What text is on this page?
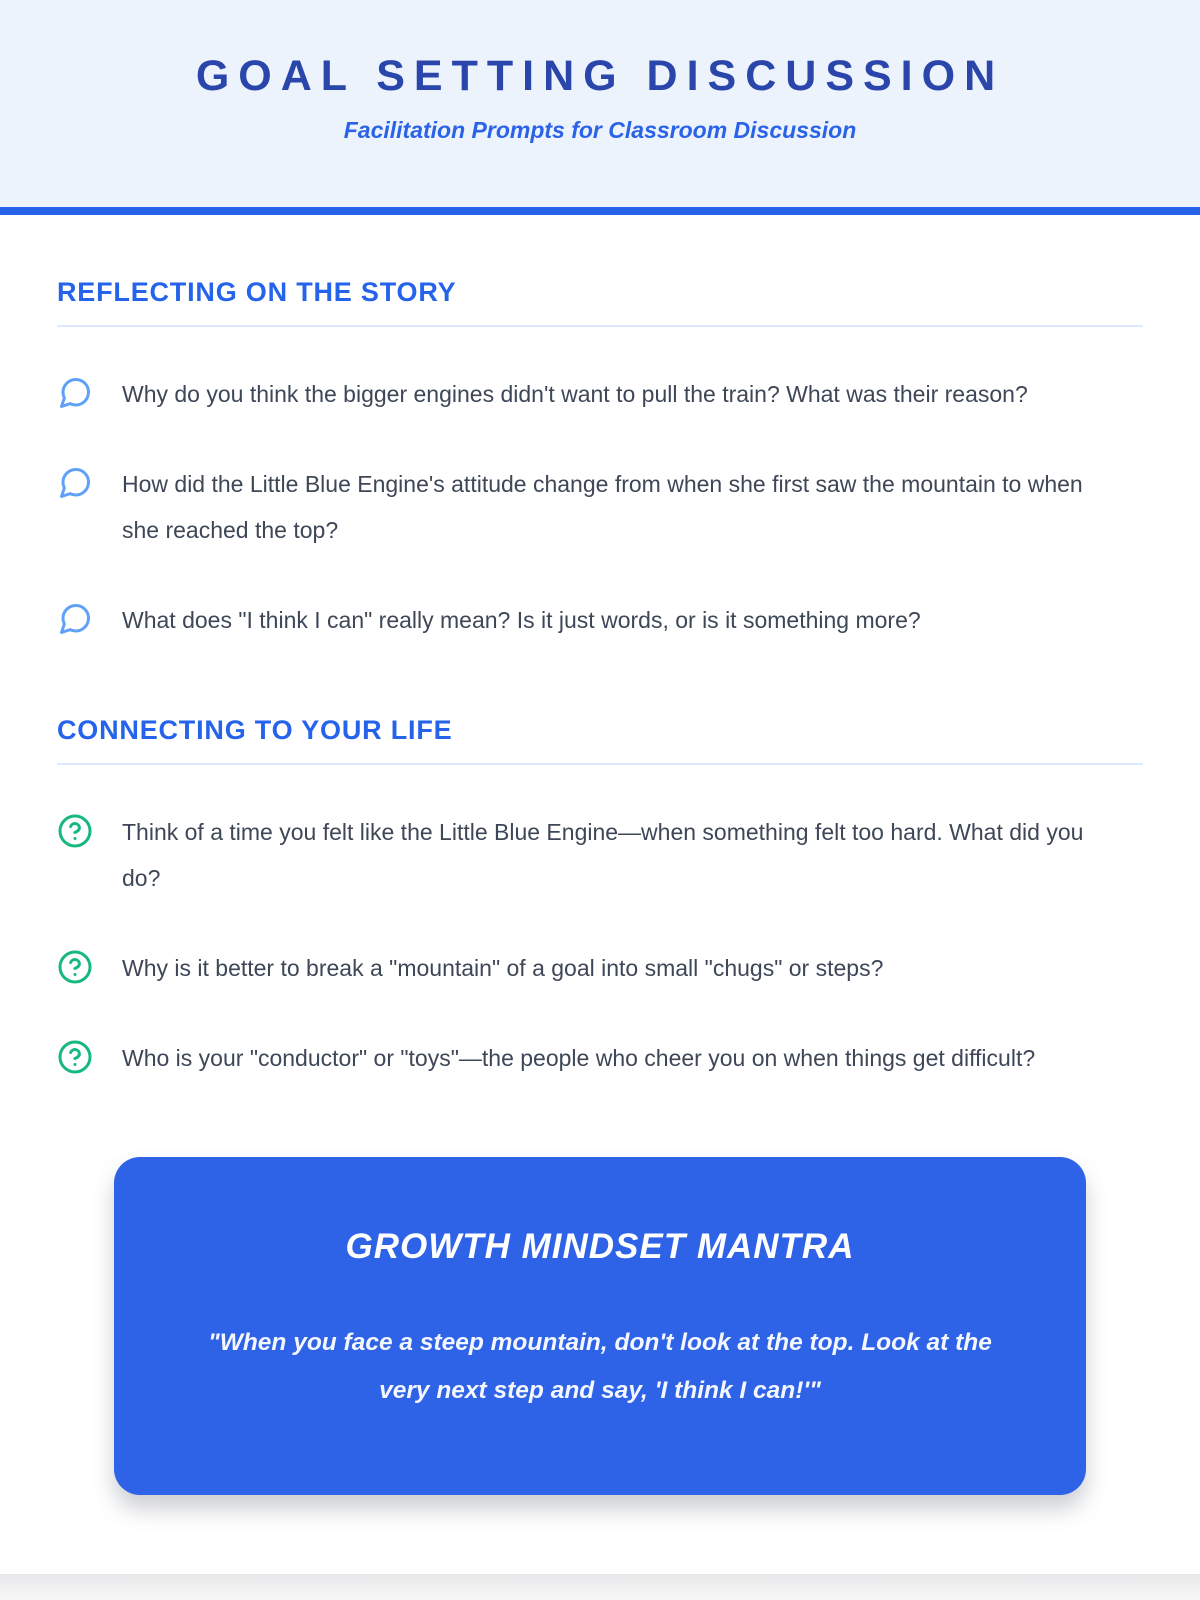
GOAL SETTING DISCUSSION
Facilitation Prompts for Classroom Discussion
REFLECTING ON THE STORY

Why do you think the bigger engines didn't want to pull the train? What was their reason?

How did the Little Blue Engine's attitude change from when she first saw the mountain to when she reached the top?

What does "I think I can" really mean? Is it just words, or is it something more?

CONNECTING TO YOUR LIFE

Think of a time you felt like the Little Blue Engine—when something felt too hard. What did you do?

Why is it better to break a "mountain" of a goal into small "chugs" or steps?

Who is your "conductor" or "toys"—the people who cheer you on when things get difficult?

GROWTH MINDSET MANTRA

"When you face a steep mountain, don't look at the top. Look at the very next step and say, 'I think I can!'"
